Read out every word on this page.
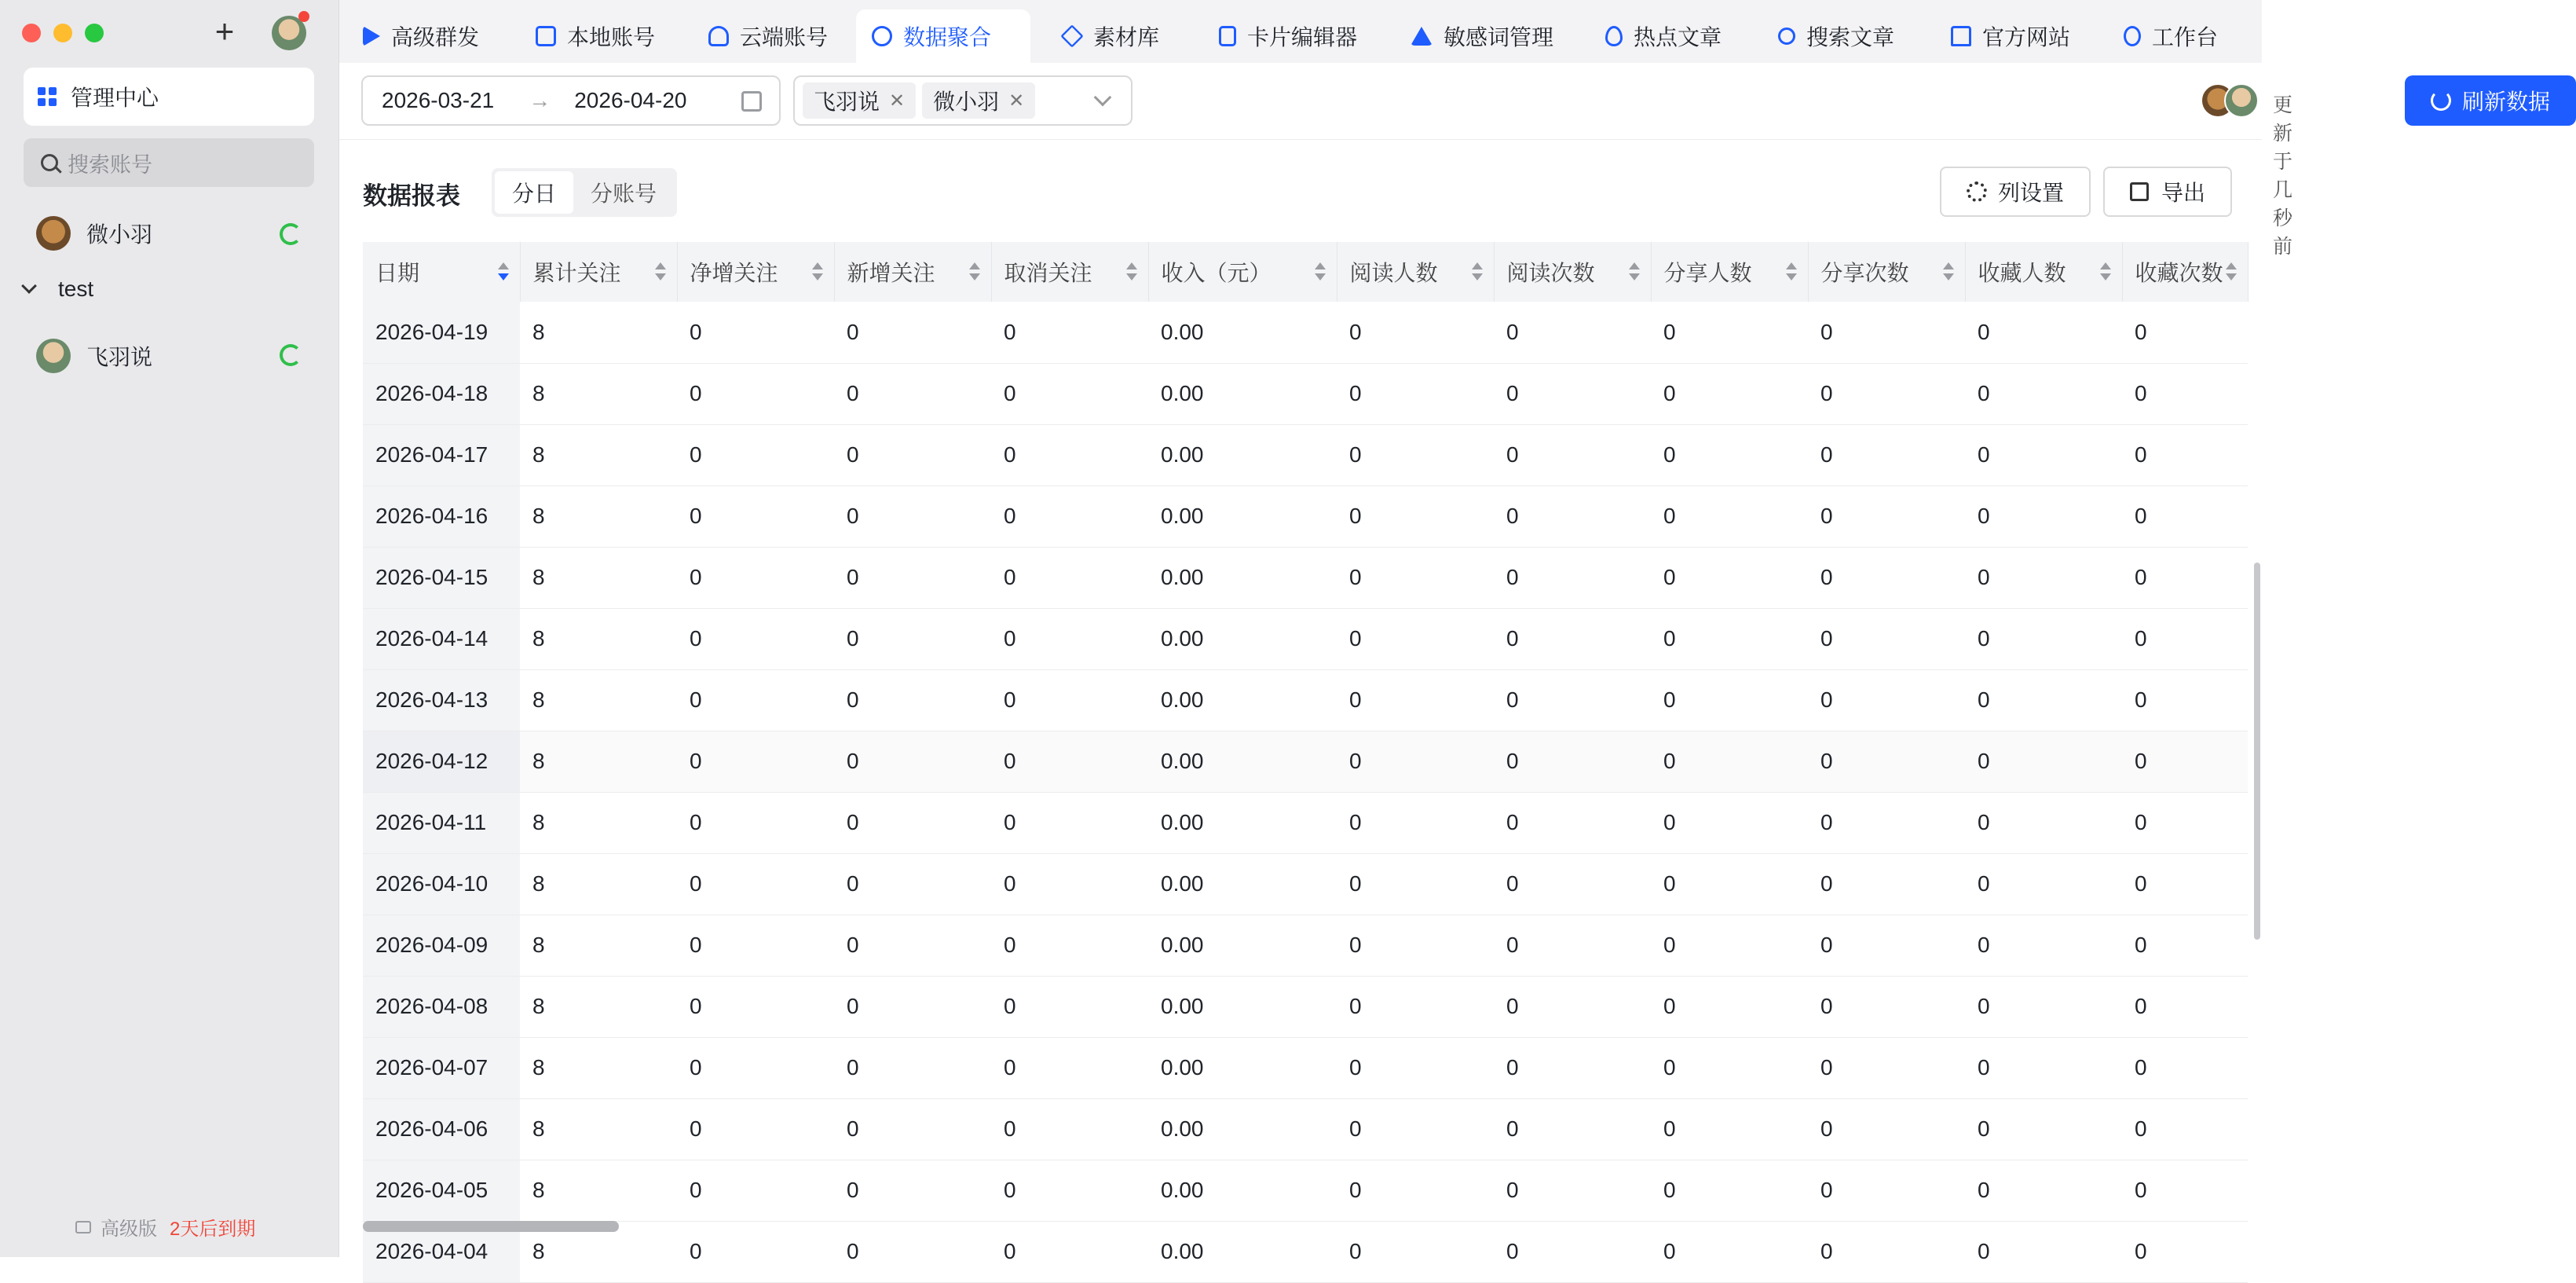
+
管理中心
搜索账号
微小羽
test
飞羽说
高级版 2天后到期
高级群发	本地账号	云端账号	数据聚合	素材库	卡片编辑器	敏感词管理	热点文章	搜索文章	官方网站	工作台
2026-03-21 → 2026-04-20	飞羽说 ✕ 微小羽 ✕	更新于 几秒前
刷新数据
数据报表	分日	分账号	列设置	导出
日期	累计关注	净增关注	新增关注	取消关注	收入（元）	阅读人数	阅读次数	分享人数	分享次数	收藏人数	收藏次数

2026-04-19	8	0	0	0	0.00	0	0	0	0	0	0
2026-04-18	8	0	0	0	0.00	0	0	0	0	0	0
2026-04-17	8	0	0	0	0.00	0	0	0	0	0	0
2026-04-16	8	0	0	0	0.00	0	0	0	0	0	0
2026-04-15	8	0	0	0	0.00	0	0	0	0	0	0
2026-04-14	8	0	0	0	0.00	0	0	0	0	0	0
2026-04-13	8	0	0	0	0.00	0	0	0	0	0	0
2026-04-12	8	0	0	0	0.00	0	0	0	0	0	0
2026-04-11	8	0	0	0	0.00	0	0	0	0	0	0
2026-04-10	8	0	0	0	0.00	0	0	0	0	0	0
2026-04-09	8	0	0	0	0.00	0	0	0	0	0	0
2026-04-08	8	0	0	0	0.00	0	0	0	0	0	0
2026-04-07	8	0	0	0	0.00	0	0	0	0	0	0
2026-04-06	8	0	0	0	0.00	0	0	0	0	0	0
2026-04-05	8	0	0	0	0.00	0	0	0	0	0	0
2026-04-04	8	0	0	0	0.00	0	0	0	0	0	0
